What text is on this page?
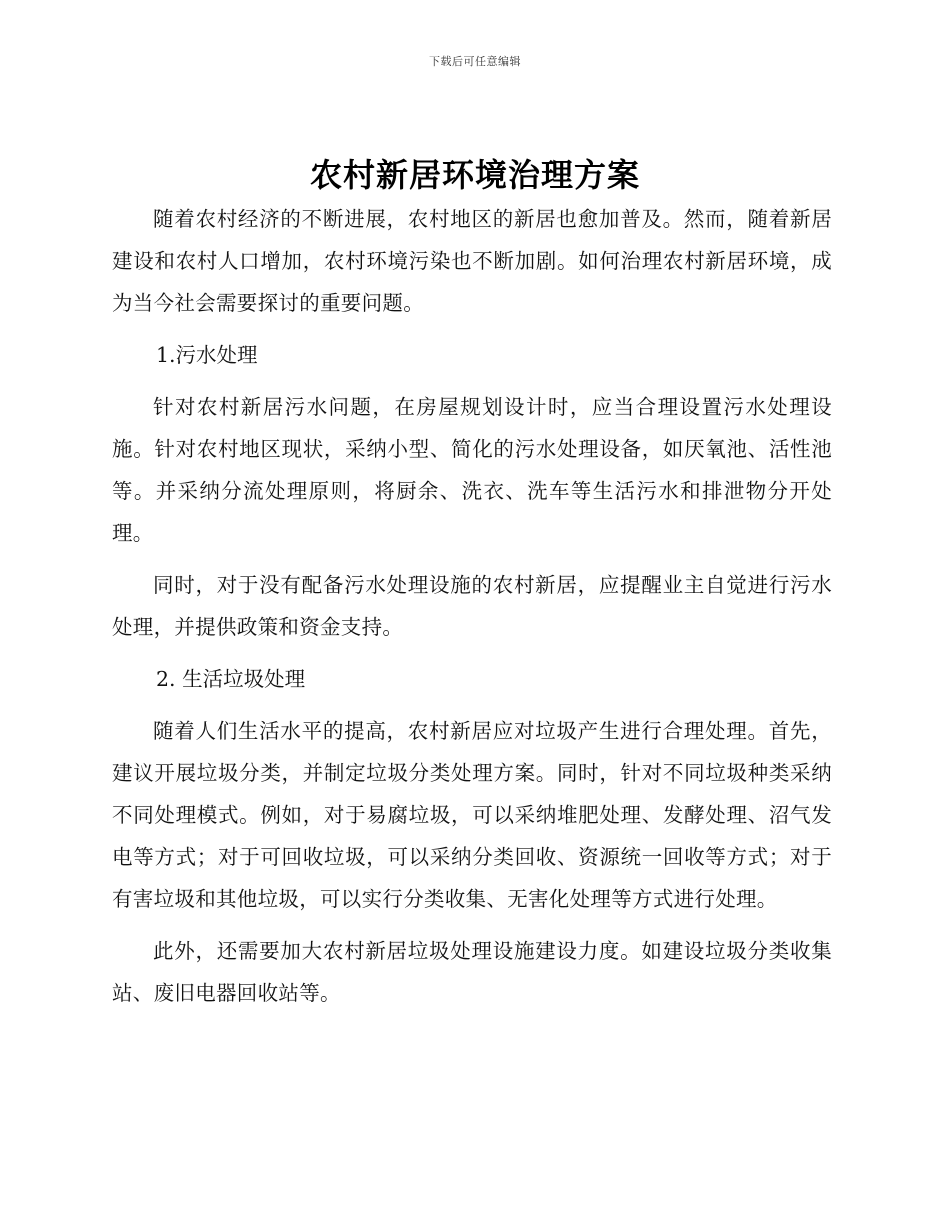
下载后可任意编辑
农村新居环境治理方案

随着农村经济的不断进展，农村地区的新居也愈加普及。然而，随着新居建设和农村人口增加，农村环境污染也不断加剧。如何治理农村新居环境，成为当今社会需要探讨的重要问题。

1.污水处理

针对农村新居污水问题，在房屋规划设计时，应当合理设置污水处理设施。针对农村地区现状，采纳小型、简化的污水处理设备，如厌氧池、活性池等。并采纳分流处理原则，将厨余、洗衣、洗车等生活污水和排泄物分开处理。

同时，对于没有配备污水处理设施的农村新居，应提醒业主自觉进行污水处理，并提供政策和资金支持。

2. 生活垃圾处理

随着人们生活水平的提高，农村新居应对垃圾产生进行合理处理。首先，建议开展垃圾分类，并制定垃圾分类处理方案。同时，针对不同垃圾种类采纳不同处理模式。例如，对于易腐垃圾，可以采纳堆肥处理、发酵处理、沼气发电等方式；对于可回收垃圾，可以采纳分类回收、资源统一回收等方式；对于有害垃圾和其他垃圾，可以实行分类收集、无害化处理等方式进行处理。

此外，还需要加大农村新居垃圾处理设施建设力度。如建设垃圾分类收集站、废旧电器回收站等。
